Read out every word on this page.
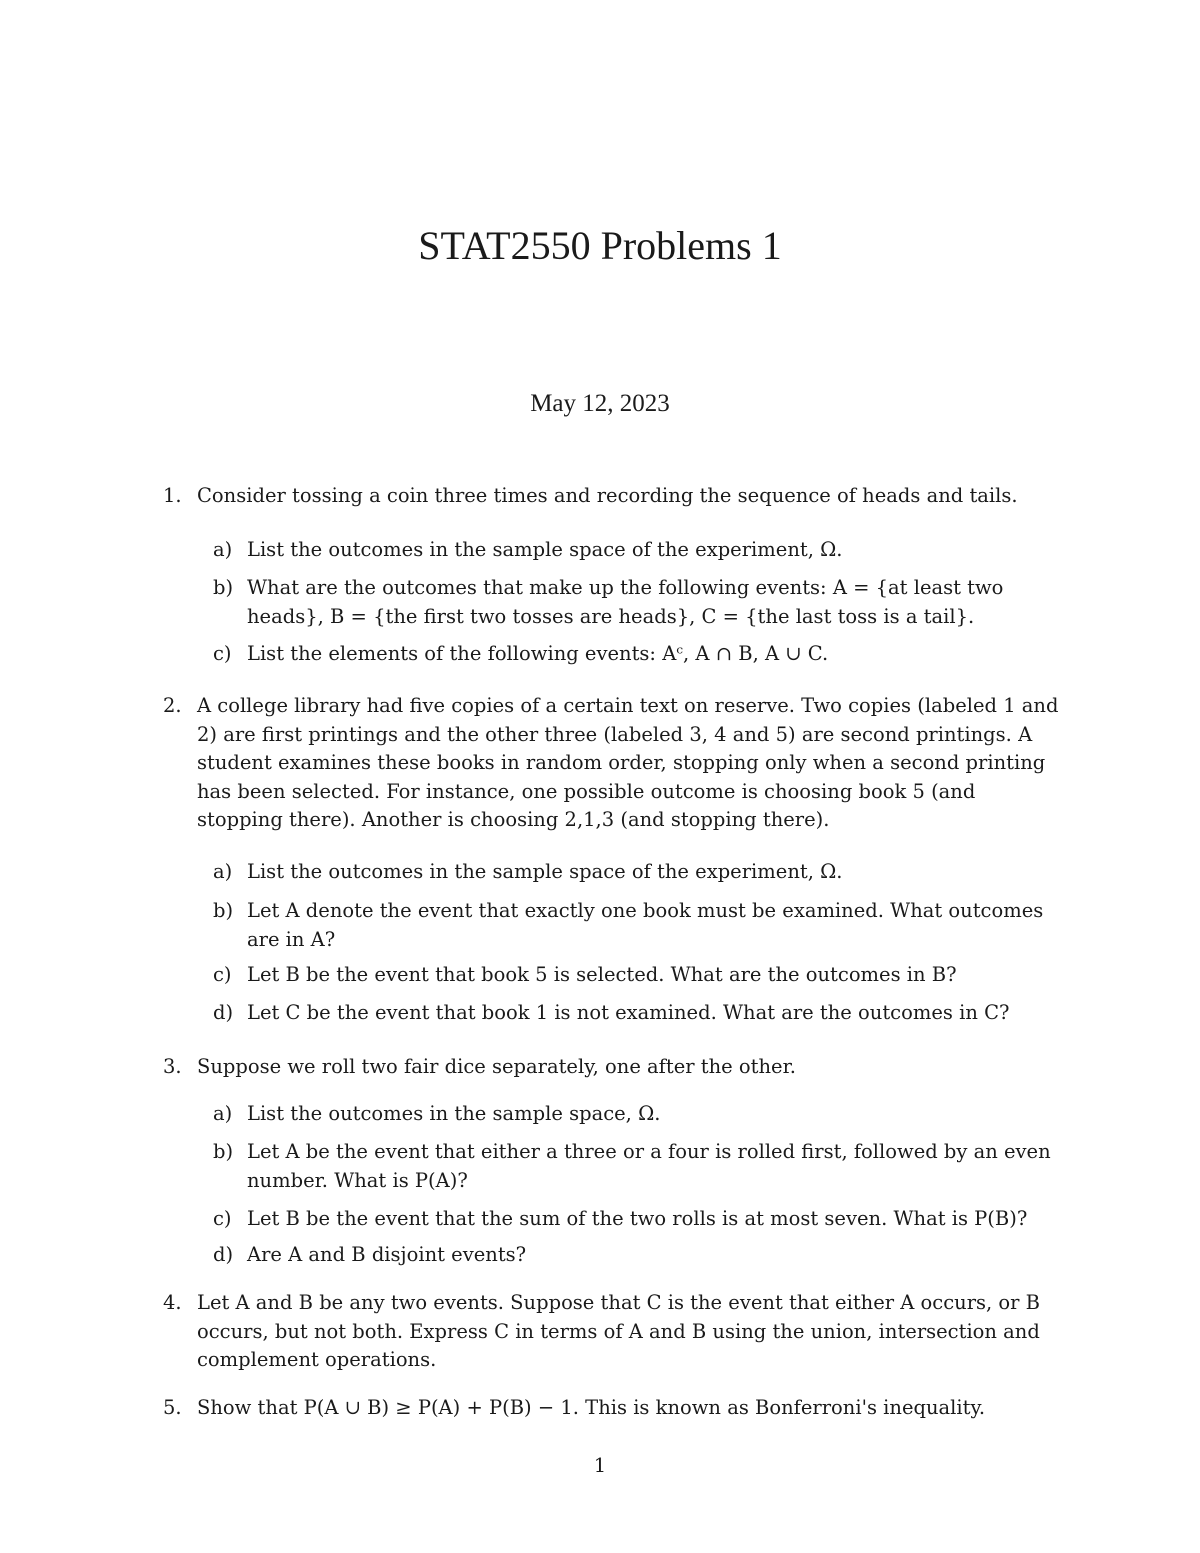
STAT2550 Problems 1
May 12, 2023
1. Consider tossing a coin three times and recording the sequence of heads and tails.
a) List the outcomes in the sample space of the experiment, Ω.
b) What are the outcomes that make up the following events: A = {at least two heads}, B = {the first two tosses are heads}, C = {the last toss is a tail}.
c) List the elements of the following events: Aᶜ, A ∩ B, A ∪ C.
2. A college library had five copies of a certain text on reserve. Two copies (labeled 1 and 2) are first printings and the other three (labeled 3, 4 and 5) are second printings. A student examines these books in random order, stopping only when a second printing has been selected. For instance, one possible outcome is choosing book 5 (and stopping there). Another is choosing 2,1,3 (and stopping there).
a) List the outcomes in the sample space of the experiment, Ω.
b) Let A denote the event that exactly one book must be examined. What outcomes are in A?
c) Let B be the event that book 5 is selected. What are the outcomes in B?
d) Let C be the event that book 1 is not examined. What are the outcomes in C?
3. Suppose we roll two fair dice separately, one after the other.
a) List the outcomes in the sample space, Ω.
b) Let A be the event that either a three or a four is rolled first, followed by an even number. What is P(A)?
c) Let B be the event that the sum of the two rolls is at most seven. What is P(B)?
d) Are A and B disjoint events?
4. Let A and B be any two events. Suppose that C is the event that either A occurs, or B occurs, but not both. Express C in terms of A and B using the union, intersection and complement operations.
5. Show that P(A ∪ B) ≥ P(A) + P(B) − 1. This is known as Bonferroni's inequality.
1
